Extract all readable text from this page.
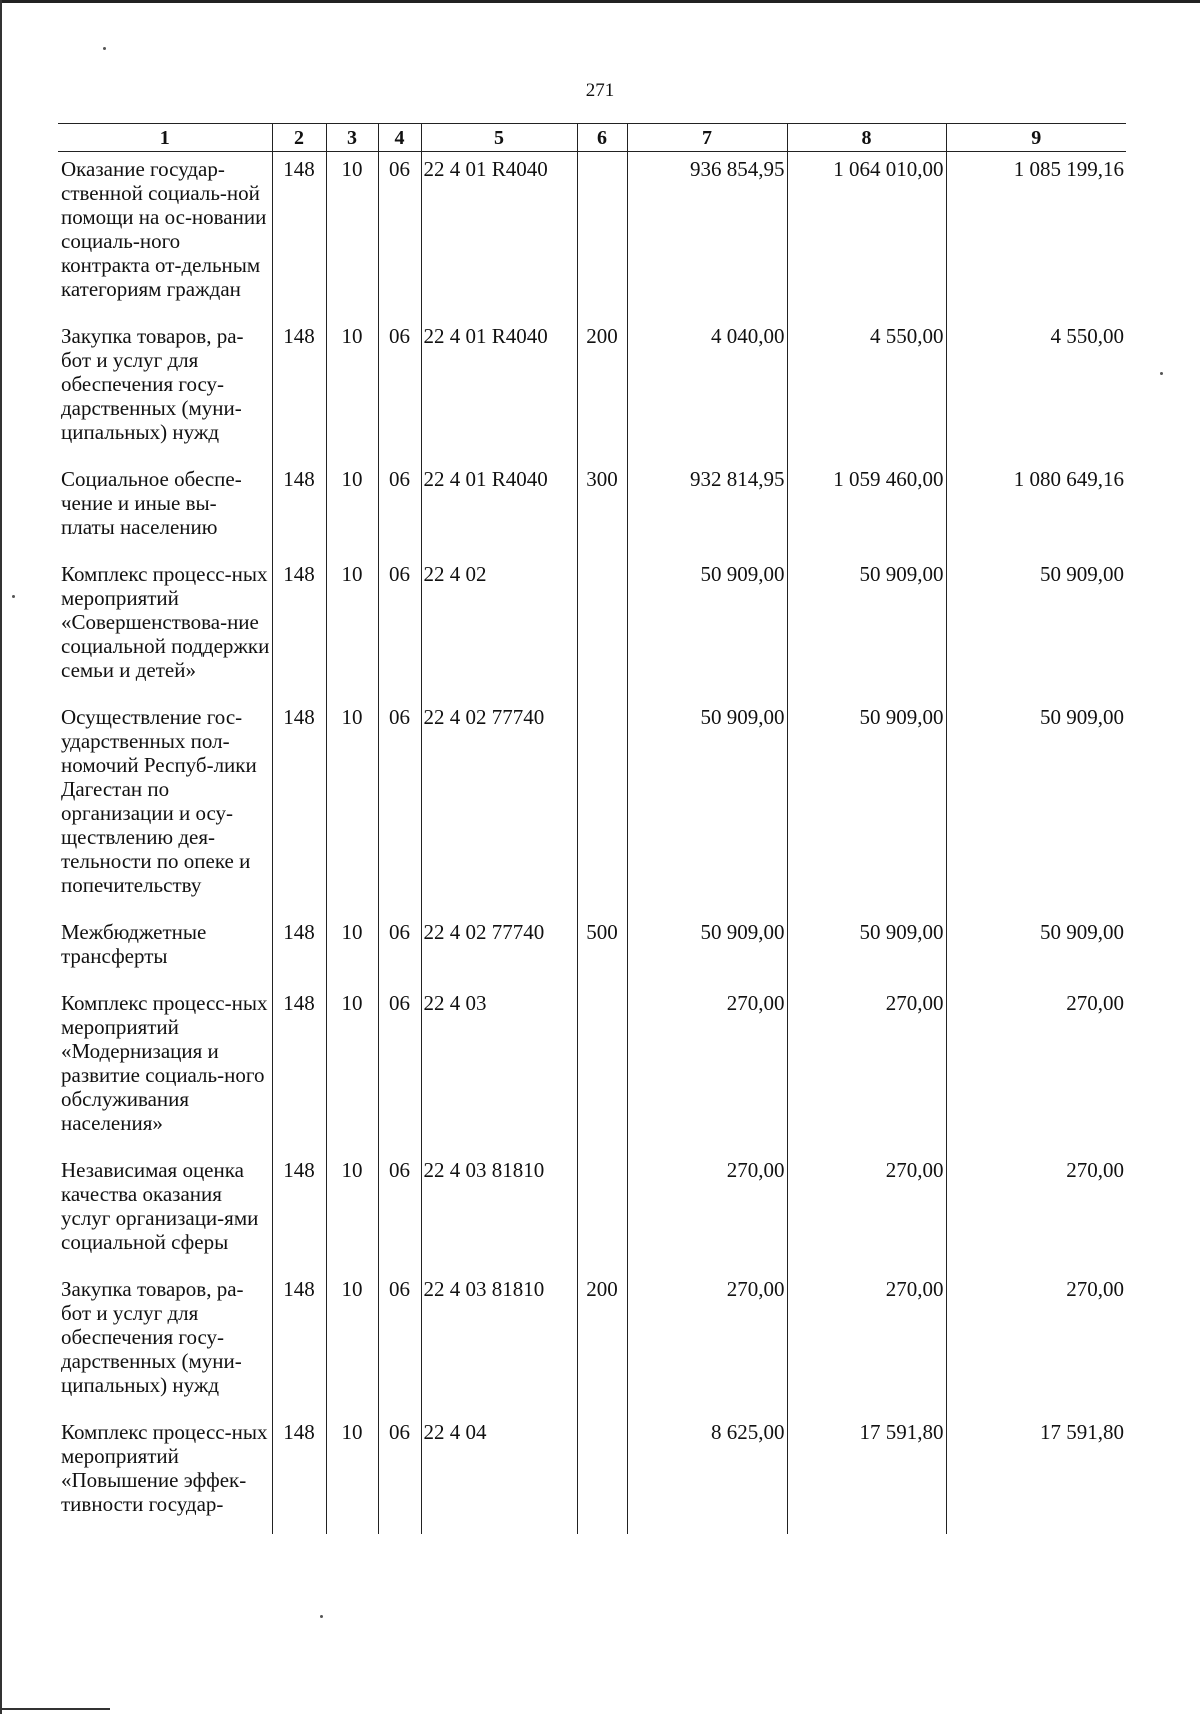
271
1	2	3	4	5	6	7	8	9
Оказание государ-ственной социаль-ной помощи на ос-новании социаль-ного контракта от-дельным категориям граждан	148	10	06	22 4 01 R4040		936 854,95	1 064 010,00	1 085 199,16
Закупка товаров, ра-бот и услуг для обеспечения госу-дарственных (муни-ципальных) нужд	148	10	06	22 4 01 R4040	200	4 040,00	4 550,00	4 550,00
Социальное обеспе-чение и иные вы-платы населению	148	10	06	22 4 01 R4040	300	932 814,95	1 059 460,00	1 080 649,16
Комплекс процесс-ных мероприятий «Совершенствова-ние социальной поддержки семьи и детей»	148	10	06	22 4 02		50 909,00	50 909,00	50 909,00
Осуществление гос-ударственных пол-номочий Респуб-лики Дагестан по организации и осу-ществлению дея-тельности по опеке и попечительству	148	10	06	22 4 02 77740		50 909,00	50 909,00	50 909,00
Межбюджетные трансферты	148	10	06	22 4 02 77740	500	50 909,00	50 909,00	50 909,00
Комплекс процесс-ных мероприятий «Модернизация и развитие социаль-ного обслуживания населения»	148	10	06	22 4 03		270,00	270,00	270,00
Независимая оценка качества оказания услуг организаци-ями социальной сферы	148	10	06	22 4 03 81810		270,00	270,00	270,00
Закупка товаров, ра-бот и услуг для обеспечения госу-дарственных (муни-ципальных) нужд	148	10	06	22 4 03 81810	200	270,00	270,00	270,00
Комплекс процесс-ных мероприятий «Повышение эффек-тивности государ-	148	10	06	22 4 04		8 625,00	17 591,80	17 591,80
